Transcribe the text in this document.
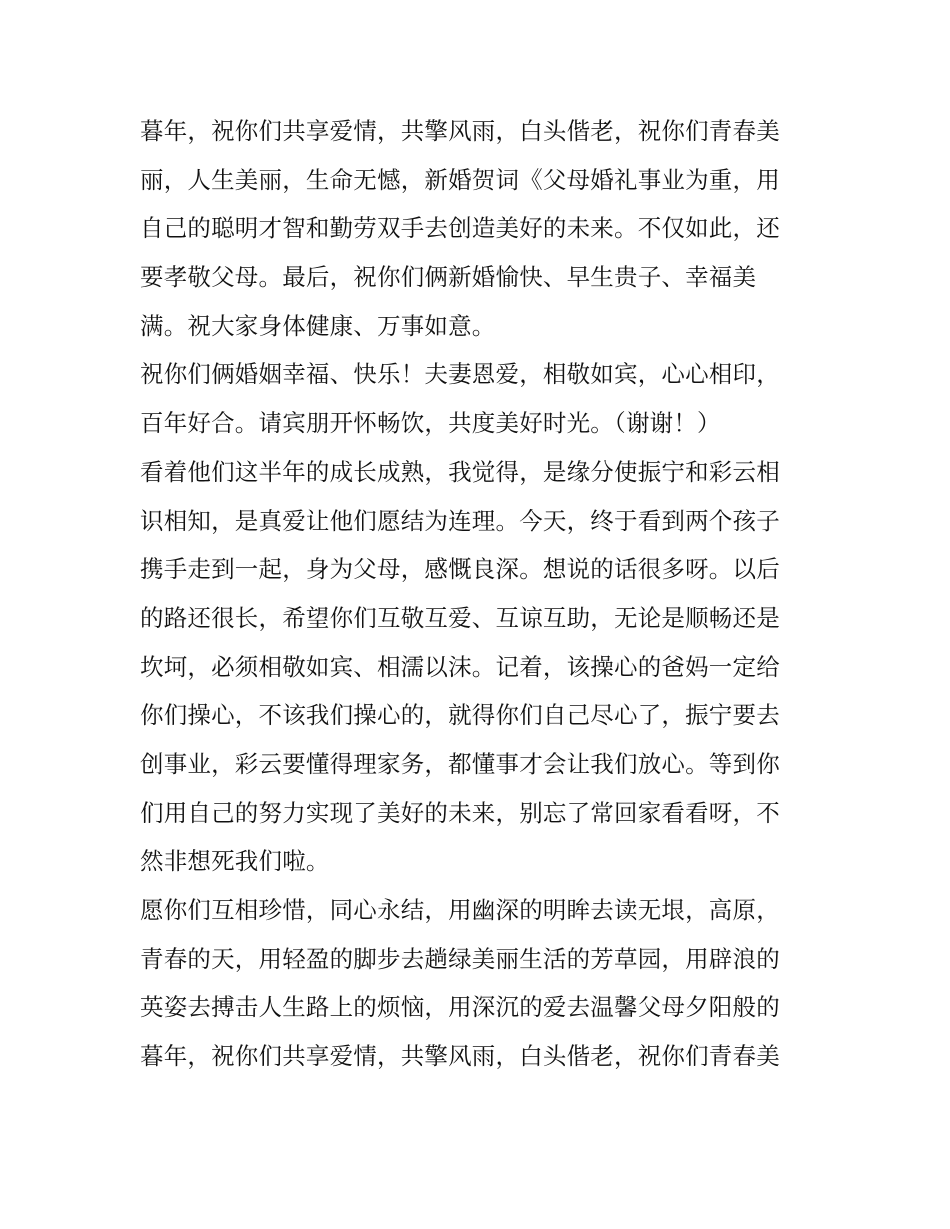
暮年，祝你们共享爱情，共擎风雨，白头偕老，祝你们青春美
丽，人生美丽，生命无憾，新婚贺词《父母婚礼事业为重，用
自己的聪明才智和勤劳双手去创造美好的未来。不仅如此，还
要孝敬父母。最后，祝你们俩新婚愉快、早生贵子、幸福美
满。祝大家身体健康、万事如意。
祝你们俩婚姻幸福、快乐！夫妻恩爱，相敬如宾，心心相印，
百年好合。请宾朋开怀畅饮，共度美好时光。（谢谢！）
看着他们这半年的成长成熟，我觉得，是缘分使振宁和彩云相
识相知，是真爱让他们愿结为连理。今天，终于看到两个孩子
携手走到一起，身为父母，感慨良深。想说的话很多呀。以后
的路还很长，希望你们互敬互爱、互谅互助，无论是顺畅还是
坎坷，必须相敬如宾、相濡以沫。记着，该操心的爸妈一定给
你们操心，不该我们操心的，就得你们自己尽心了，振宁要去
创事业，彩云要懂得理家务，都懂事才会让我们放心。等到你
们用自己的努力实现了美好的未来，别忘了常回家看看呀，不
然非想死我们啦。
愿你们互相珍惜，同心永结，用幽深的明眸去读无垠，高原，
青春的天，用轻盈的脚步去趟绿美丽生活的芳草园，用辟浪的
英姿去搏击人生路上的烦恼，用深沉的爱去温馨父母夕阳般的
暮年，祝你们共享爱情，共擎风雨，白头偕老，祝你们青春美
